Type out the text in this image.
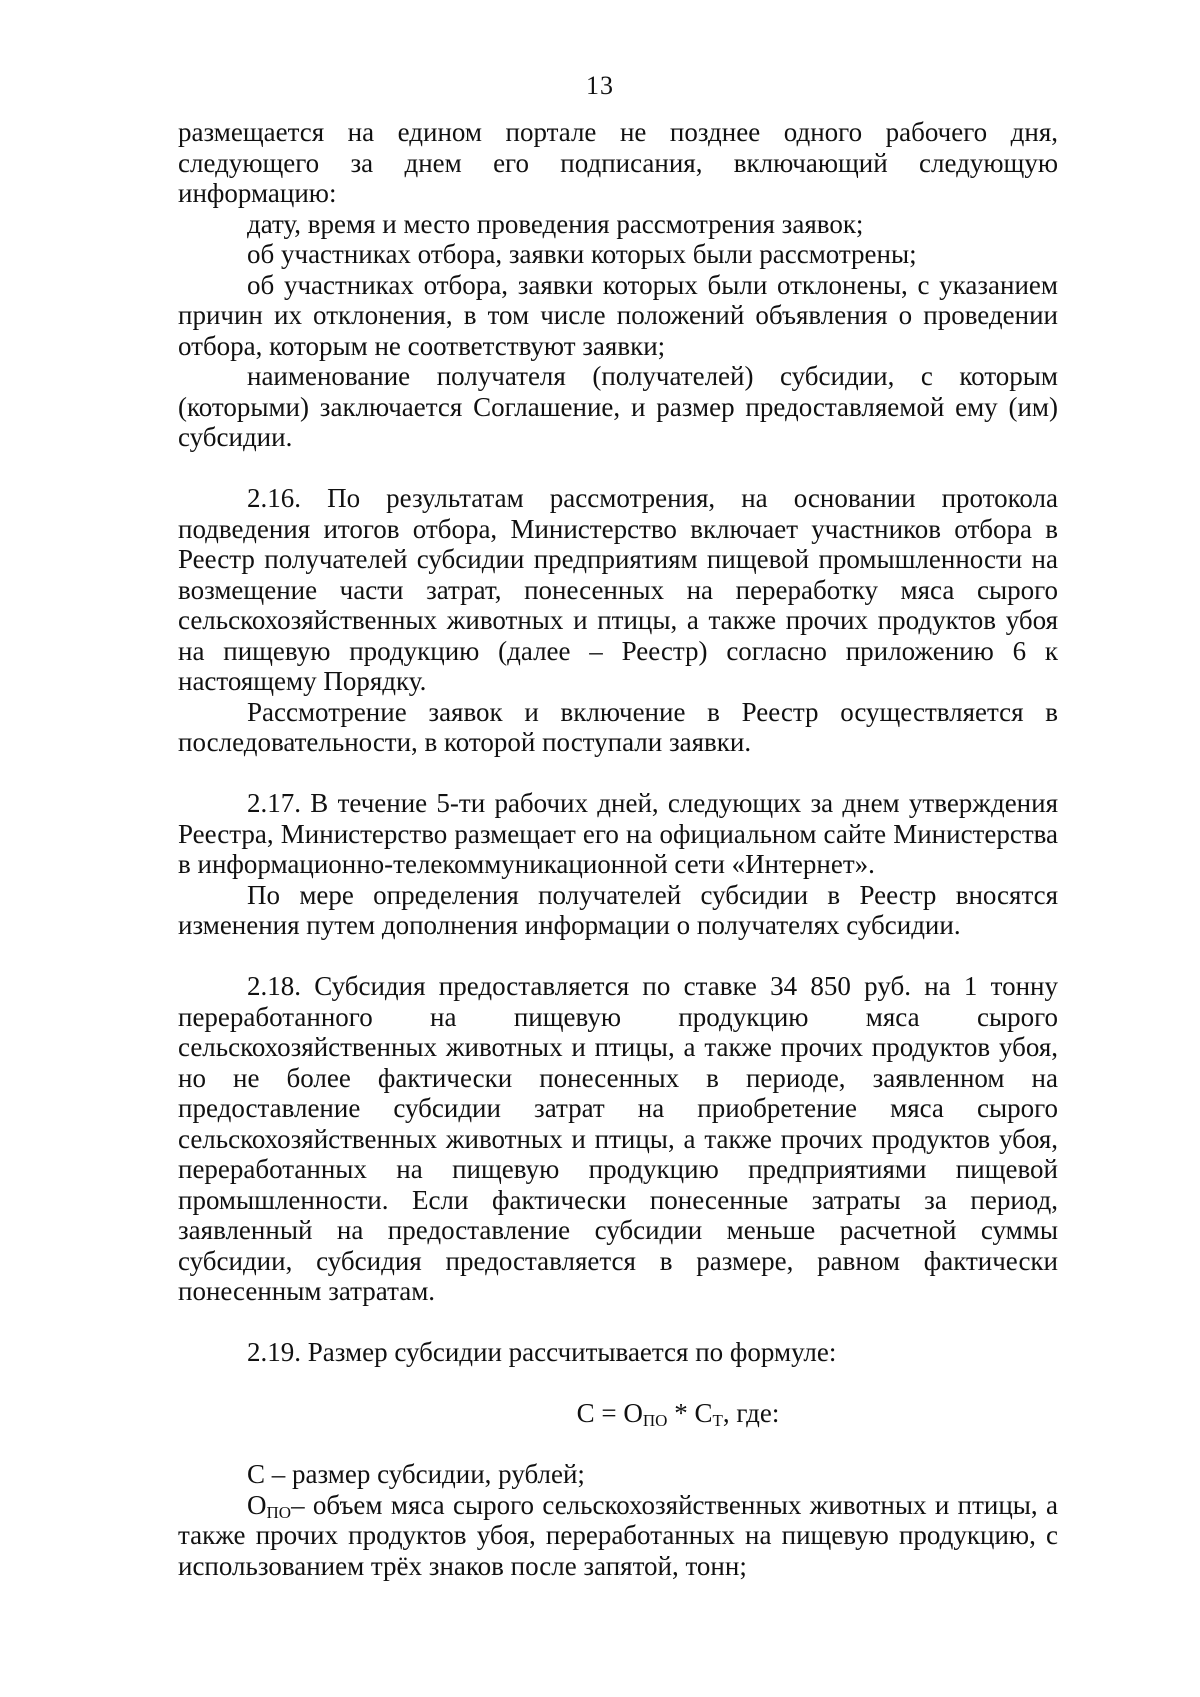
13

размещается на едином портале не позднее одного рабочего дня, следующего за днем его подписания, включающий следующую информацию:

дату, время и место проведения рассмотрения заявок;

об участниках отбора, заявки которых были рассмотрены;

об участниках отбора, заявки которых были отклонены, с указанием причин их отклонения, в том числе положений объявления о проведении отбора, которым не соответствуют заявки;

наименование получателя (получателей) субсидии, с которым (которыми) заключается Соглашение, и размер предоставляемой ему (им) субсидии.

2.16. По результатам рассмотрения, на основании протокола подведения итогов отбора, Министерство включает участников отбора в Реестр получателей субсидии предприятиям пищевой промышленности на возмещение части затрат, понесенных на переработку мяса сырого сельскохозяйственных животных и птицы, а также прочих продуктов убоя на пищевую продукцию (далее – Реестр) согласно приложению 6 к настоящему Порядку.

Рассмотрение заявок и включение в Реестр осуществляется в последовательности, в которой поступали заявки.

2.17. В течение 5-ти рабочих дней, следующих за днем утверждения Реестра, Министерство размещает его на официальном сайте Министерства в информационно-телекоммуникационной сети «Интернет».

По мере определения получателей субсидии в Реестр вносятся изменения путем дополнения информации о получателях субсидии.

2.18. Субсидия предоставляется по ставке 34 850 руб. на 1 тонну переработанного на пищевую продукцию мяса сырого сельскохозяйственных животных и птицы, а также прочих продуктов убоя, но не более фактически понесенных в периоде, заявленном на предоставление субсидии затрат на приобретение мяса сырого сельскохозяйственных животных и птицы, а также прочих продуктов убоя, переработанных на пищевую продукцию предприятиями пищевой промышленности. Если фактически понесенные затраты за период, заявленный на предоставление субсидии меньше расчетной суммы субсидии, субсидия предоставляется в размере, равном фактически понесенным затратам.

2.19. Размер субсидии рассчитывается по формуле:

$С = О_{ПО} * С_Т$, где:

С – размер субсидии, рублей;

$О_{ПО}-$ объем мяса сырого сельскохозяйственных животных и птицы, а также прочих продуктов убоя, переработанных на пищевую продукцию, с использованием трёх знаков после запятой, тонн;
